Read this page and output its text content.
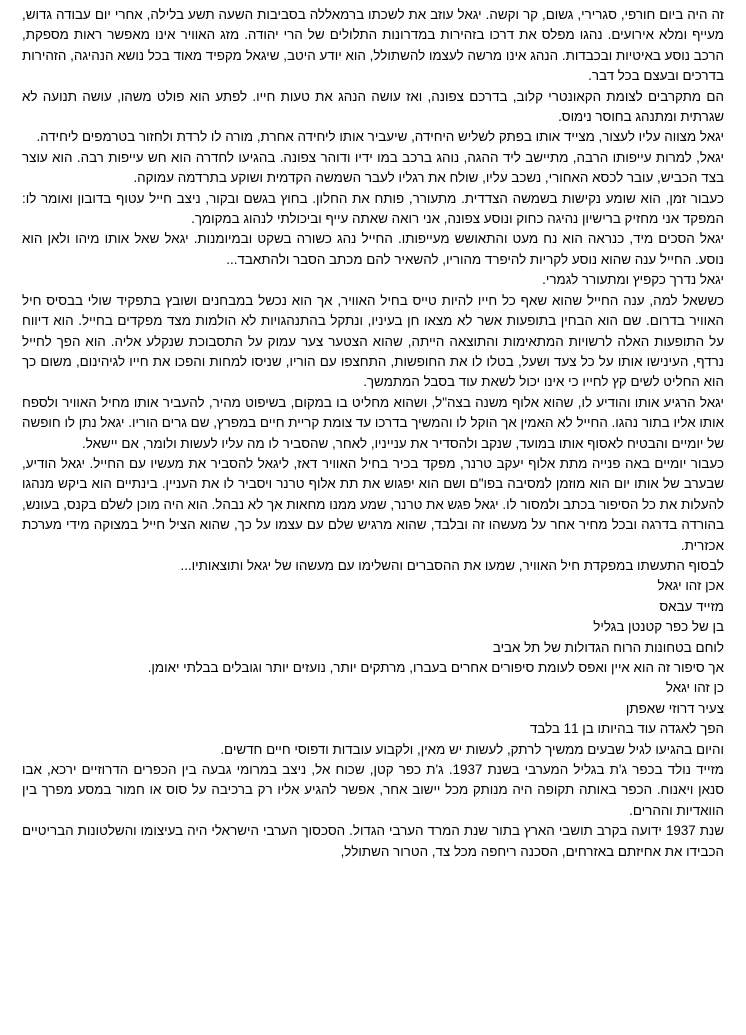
זה היה ביום חורפי, סגרירי, גשום, קר וקשה. יגאל עוזב את לשכתו ברמאללה בסביבות השעה תשע בלילה, אחרי יום עבודה גדוש, מעייף ומלא אירועים. נהגו מפלס את דרכו בזהירות במדרונות התלולים של הרי יהודה. מזג האוויר אינו מאפשר ראות מספקת, הרכב נוסע באיטיות ובכבדות. הנהג אינו מרשה לעצמו להשתולל, הוא יודע היטב, שיגאל מקפיד מאוד בכל נושא הנהיגה, הזהירות בדרכים ובעצם בכל דבר.

הם מתקרבים לצומת הקאונטרי קלוב, בדרכם צפונה, ואז עושה הנהג את טעות חייו. לפתע הוא פולט משהו, עושה תנועה לא שגרתית ומתנהג בחוסר נימוס.

יגאל מצווה עליו לעצור, מצייד אותו בפתק לשליש היחידה, שיעביר אותו ליחידה אחרת, מורה לו לרדת ולחזור בטרמפים ליחידה.

יגאל, למרות עייפותו הרבה, מתיישב ליד ההגה, נוהג ברכב במו ידיו ודוהר צפונה. בהגיעו לחדרה הוא חש עייפות רבה. הוא עוצר בצד הכביש, עובר לכסא האחורי, נשכב עליו, שולח את רגליו לעבר השמשה הקדמית ושוקע בתרדמה עמוקה.

כעבור זמן, הוא שומע נקישות בשמשה הצדדית. מתעורר, פותח את החלון. בחוץ בגשם ובקור, ניצב חייל עטוף בדובון ואומר לו: המפקד אני מחזיק ברישיון נהיגה כחוק ונוסע צפונה, אני רואה שאתה עייף וביכולתי לנהוג במקומך.

יגאל הסכים מיד, כנראה הוא נח מעט והתאושש מעייפותו. החייל נהג כשורה בשקט ובמיומנות. יגאל שאל אותו מיהו ולאן הוא נוסע. החייל ענה שהוא נוסע לקריות להיפרד מהוריו, להשאיר להם מכתב הסבר ולהתאבד...

יגאל נדרך כקפיץ ומתעורר לגמרי.

כששאל למה, ענה החייל שהוא שאף כל חייו להיות טייס בחיל האוויר, אך הוא נכשל במבחנים ושובץ בתפקיד שולי בבסיס חיל האוויר בדרום. שם הוא הבחין בתופעות אשר לא מצאו חן בעיניו, ונתקל בהתנהגויות לא הולמות מצד מפקדים בחייל. הוא דיווח על התופעות האלה לרשויות המתאימות והתוצאה הייתה, שהוא הצטער צער עמוק על התסבוכת שנקלע אליה. הוא הפך לחייל נרדף, העינישו אותו על כל צעד ושעל, בטלו לו את החופשות, התחצפו עם הוריו, שניסו למחות והפכו את חייו לגיהינום, משום כך הוא החליט לשים קץ לחייו כי אינו יכול לשאת עוד בסבל המתמשך.

יגאל הרגיע אותו והודיע לו, שהוא אלוף משנה בצה"ל, ושהוא מחליט בו במקום, בשיפוט מהיר, להעביר אותו מחיל האוויר ולספח אותו אליו בתור נהגו. החייל לא האמין אך הוקל לו והמשיך בדרכו עד צומת קריית חיים במפרץ, שם גרים הוריו. יגאל נתן לו חופשה של יומיים והבטיח לאסוף אותו במועד, שנקב ולהסדיר את ענייניו, לאחר, שהסביר לו מה עליו לעשות ולומר, אם יישאל.

כעבור יומיים באה פנייה מתת אלוף יעקב טרנר, מפקד בכיר בחיל האוויר דאז, ליגאל להסביר את מעשיו עם החייל. יגאל הודיע, שבערב של אותו יום הוא מוזמן למסיבה בפו"ם ושם הוא יפגוש את תת אלוף טרנר ויסביר לו את העניין. בינתיים הוא ביקש מנהגו להעלות את כל הסיפור בכתב ולמסור לו. יגאל פגש את טרנר, שמע ממנו מחאות אך לא נבהל. הוא היה מוכן לשלם בקנס, בעונש, בהורדה בדרגה ובכל מחיר אחר על מעשהו זה ובלבד, שהוא מרגיש שלם עם עצמו על כך, שהוא הציל חייל במצוקה מידי מערכת אכזרית.

לבסוף התעשתו במפקדת חיל האוויר, שמעו את ההסברים והשלימו עם מעשהו של יגאל ותוצאותיו...

אכן זהו יגאל

מזייד עבאס

בן של כפר קטנטן בגליל

לוחם בטחונות הרוח הגדולות של תל אביב

אך סיפור זה הוא איין ואפס לעומת סיפורים אחרים בעברו, מרתקים יותר, נועזים יותר וגובלים בבלתי יאומן.

כן זהו יגאל

צעיר דרוזי שאפתן

הפך לאגדה עוד בהיותו בן 11 בלבד

והיום בהגיעו לגיל שבעים ממשיך לרתק, לעשות יש מאין, ולקבוע עובדות ודפוסי חיים חדשים.

מזייד נולד בכפר ג'ת בגליל המערבי בשנת 1937. ג'ת כפר קטן, שכוח אל, ניצב במרומי גבעה בין הכפרים הדרוזיים ירכא, אבו סנאן ויאנוח. הכפר באותה תקופה היה מנותק מכל יישוב אחר, אפשר להגיע אליו רק ברכיבה על סוס או חמור במסע מפרך בין הוואדיות וההרים.

שנת 1937 ידועה בקרב תושבי הארץ בתור שנת המרד הערבי הגדול. הסכסוך הערבי הישראלי היה בעיצומו והשלטונות הבריטיים הכבידו את אחיזתם באזרחים, הסכנה ריחפה מכל צד, הטרור השתולל,
